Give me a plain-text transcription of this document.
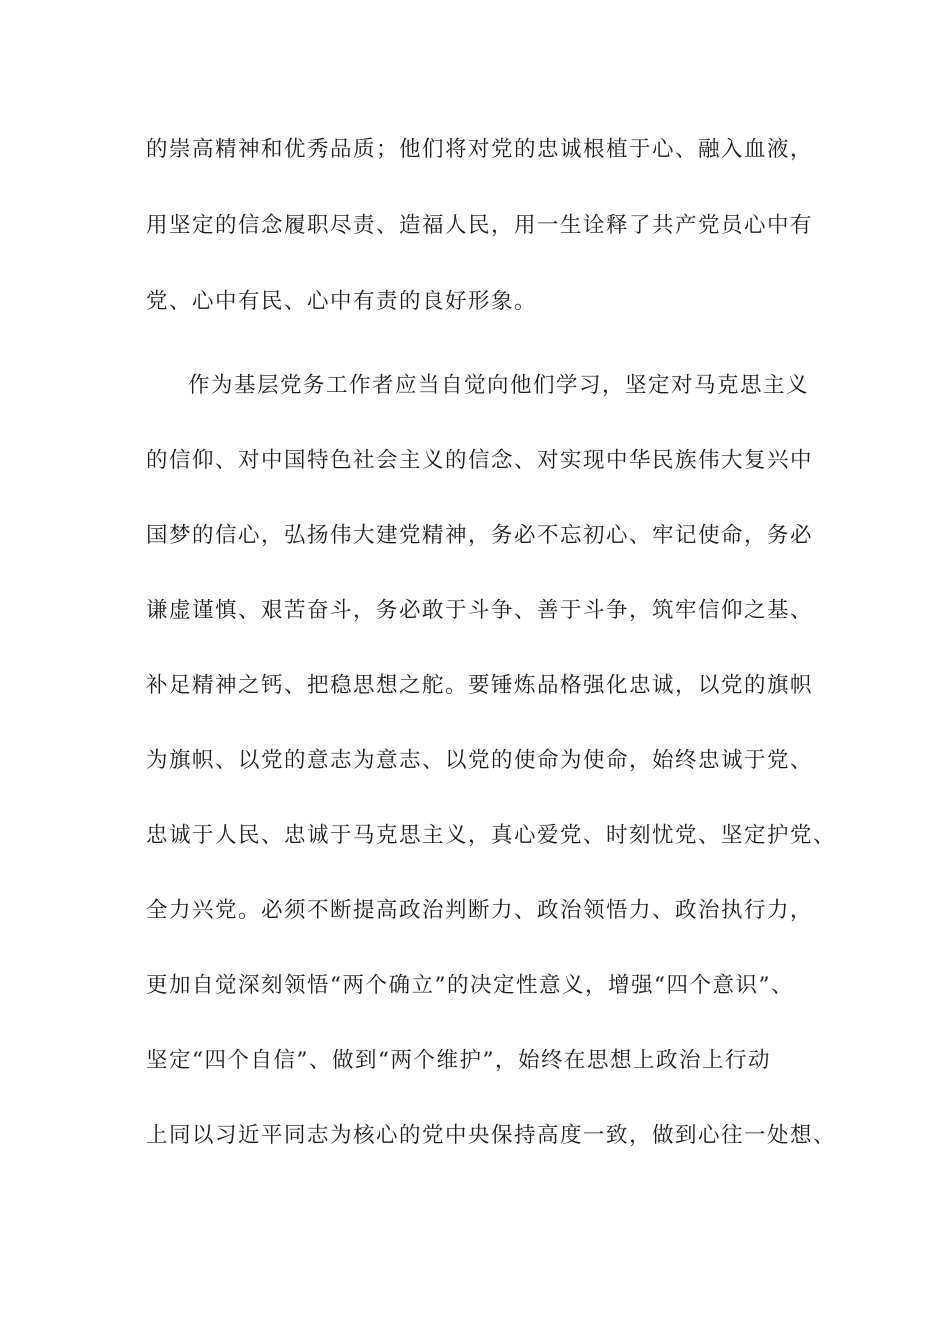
的崇高精神和优秀品质；他们将对党的忠诚根植于心、融入血液，
用坚定的信念履职尽责、造福人民，用一生诠释了共产党员心中有
党、心中有民、心中有责的良好形象。
作为基层党务工作者应当自觉向他们学习，坚定对马克思主义
的信仰、对中国特色社会主义的信念、对实现中华民族伟大复兴中
国梦的信心，弘扬伟大建党精神，务必不忘初心、牢记使命，务必
谦虚谨慎、艰苦奋斗，务必敢于斗争、善于斗争，筑牢信仰之基、
补足精神之钙、把稳思想之舵。要锤炼品格强化忠诚，以党的旗帜
为旗帜、以党的意志为意志、以党的使命为使命，始终忠诚于党、
忠诚于人民、忠诚于马克思主义，真心爱党、时刻忧党、坚定护党、
全力兴党。必须不断提高政治判断力、政治领悟力、政治执行力，
更加自觉深刻领悟“两个确立”的决定性意义，增强“四个意识”、
坚定“四个自信”、做到“两个维护”，始终在思想上政治上行动
上同以习近平同志为核心的党中央保持高度一致，做到心往一处想、
